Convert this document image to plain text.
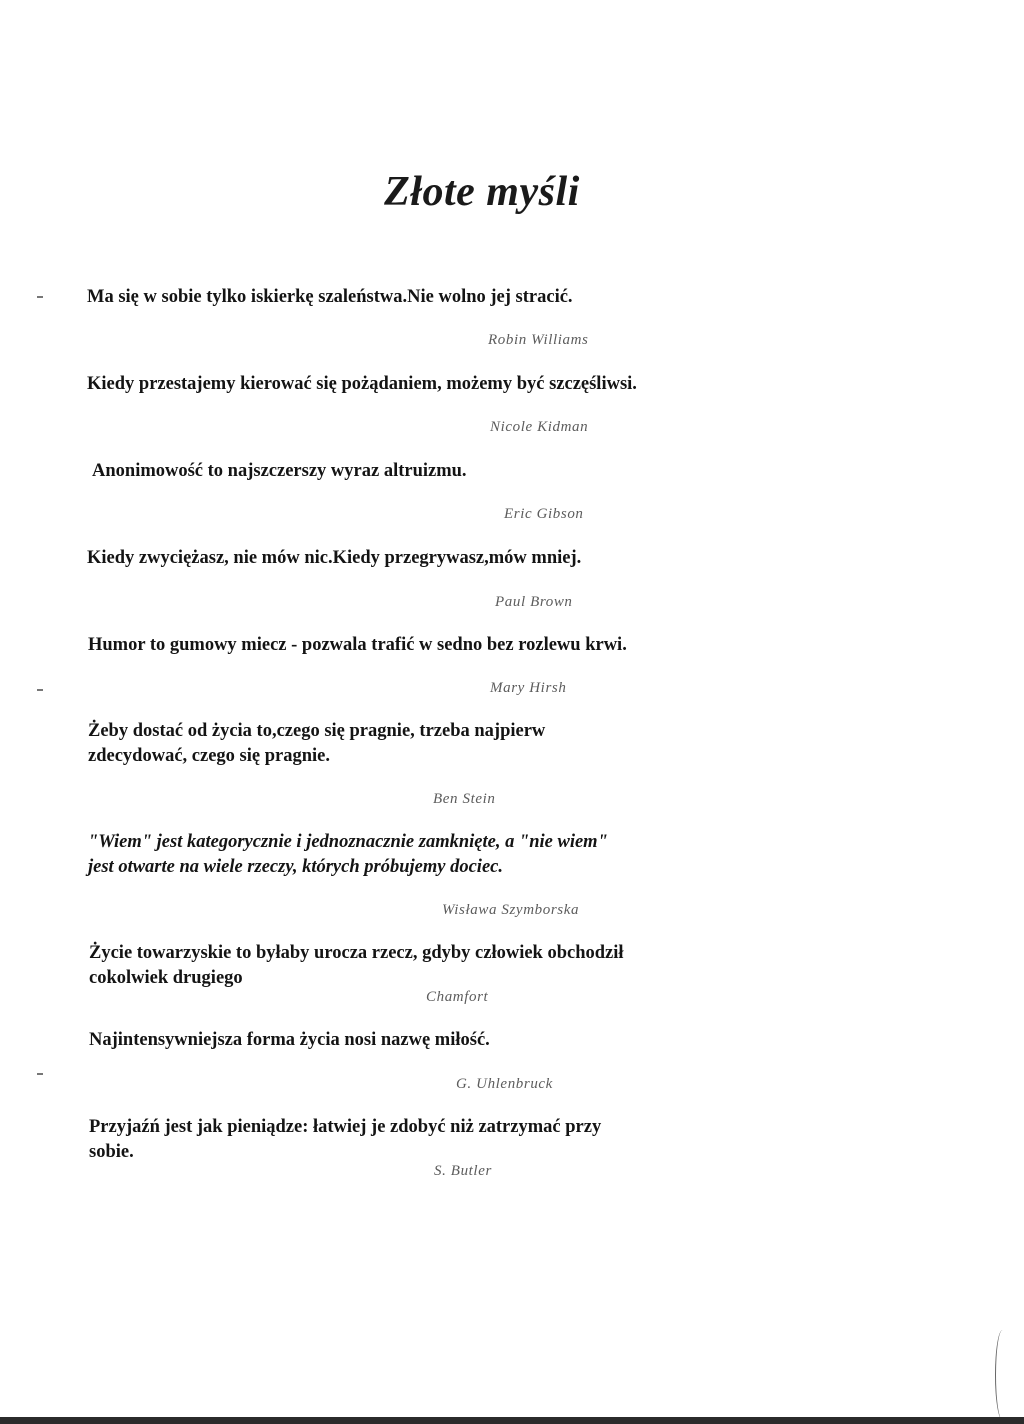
Złote myśli
Ma się w sobie tylko iskierkę szaleństwa.Nie wolno jej stracić.
Robin Williams
Kiedy przestajemy kierować się pożądaniem, możemy być szczęśliwsi.
Nicole Kidman
Anonimowość to najszczerszy wyraz altruizmu.
Eric Gibson
Kiedy zwyciężasz, nie mów nic.Kiedy przegrywasz,mów mniej.
Paul Brown
Humor to gumowy miecz - pozwala trafić w sedno bez rozlewu krwi.
Mary Hirsh
Żeby dostać od życia to,czego się pragnie, trzeba najpierw
zdecydować, czego się pragnie.
Ben Stein
"Wiem" jest kategorycznie i jednoznacznie zamknięte, a "nie wiem"
jest otwarte na wiele rzeczy, których próbujemy dociec.
Wisława Szymborska
Życie towarzyskie to byłaby urocza rzecz, gdyby człowiek obchodził
cokolwiek drugiego
Chamfort
Najintensywniejsza forma życia nosi nazwę miłość.
G. Uhlenbruck
Przyjaźń jest jak pieniądze: łatwiej je zdobyć niż zatrzymać przy
sobie.
S. Butler
